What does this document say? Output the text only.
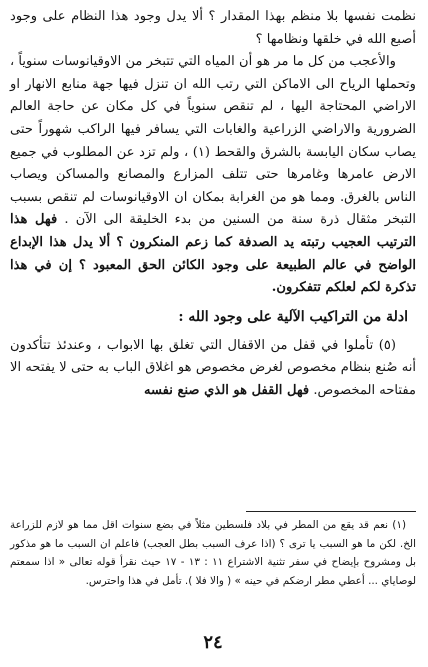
نظمت نفسها بلا منظم بهذا المقدار ؟ ألا يدل وجود هذا النظام على وجود أصبع الله في خلقها ونظامها ؟

والأعجب من كل ما مر هو أن المياه التي تتبخر من الاوقيانوسات سنوياً ، وتحملها الرياح الى الاماكن التي رتب الله ان تنزل فيها جهة منابع الانهار او الاراضي المحتاجة اليها ، لم تنقص سنوياً في كل مكان عن حاجة العالم الضرورية والاراضي الزراعية والغابات التي يسافر فيها الراكب شهوراً حتى يصاب سكان اليابسة بالشرق والقحط (١) ، ولم تزد عن المطلوب في جميع الارض عامرها وغامرها حتى تتلف المزارع والمصانع والمساكن ويصاب الناس بالغرق. ومما هو من الغرابة بمكان ان الاوقيانوسات لم تنقص بسبب التبخر مثقال ذرة سنة من السنين من بدء الخليقة الى الآن . فهل هذا الترتيب العجيب رتبته يد الصدفة كما زعم المنكرون ؟ ألا يدل هذا الإبداع الواضح في عالم الطبيعة على وجود الكائن الحق المعبود ؟ إن في هذا تذكرة لكم لعلكم تتفكرون.

ادلة من التراكيب الآلية على وجود الله :

(٥) تأملوا في قفل من الاقفال التي تغلق بها الابواب ، وعندئذ تتأكدون أنه صُنع بنظام مخصوص لغرض مخصوص هو اغلاق الباب به حتى لا يفتحه الا مفتاحه المخصوص. فهل القفل هو الذي صنع نفسه

(١) نعم قد يقع من المطر في بلاد فلسطين مثلاً في بضع سنوات اقل مما هو لازم للزراعة الخ. لكن ما هو السبب يا ترى ؟ (اذا عرف السبب بطل العجب) فاعلم ان السبب ما هو مذكور بل ومشروح بإيضاح في سفر تثنية الاشتراع ١١ : ١٣ - ١٧ حيث نقرأ قوله تعالى « اذا سمعتم لوصاياي ... أعطي مطر ارضكم في حينه » ( والا فلا ). تأمل في هذا واحترس.

٢٤
